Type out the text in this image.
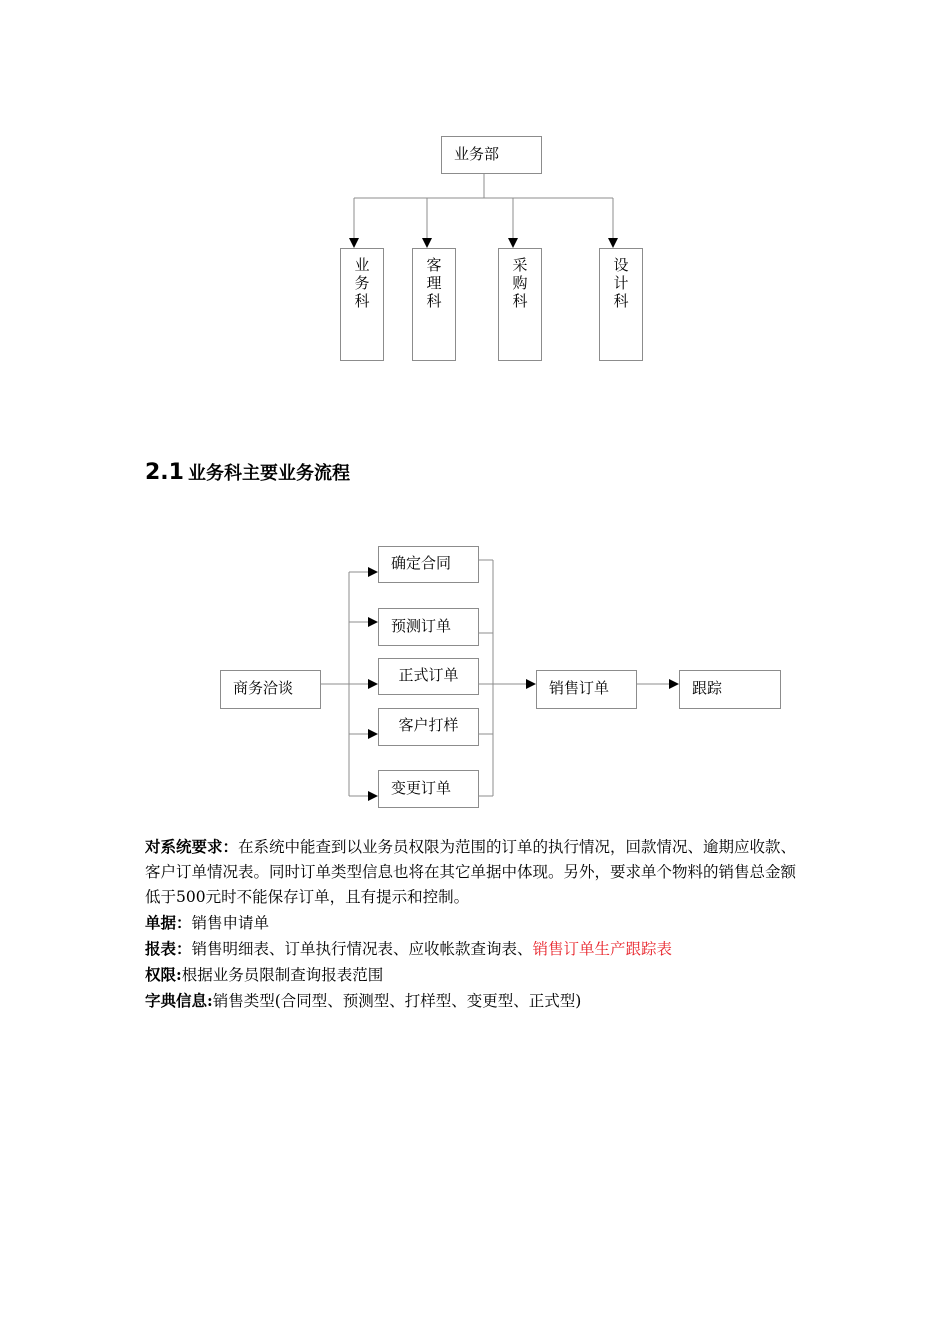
业务部
业
务
科
客
理
科
采
购
科
设
计
科
2.1 业务科主要业务流程
商务洽谈
确定合同
预测订单
正式订单
客户打样
变更订单
销售订单	跟踪

对系统要求：在系统中能查到以业务员权限为范围的订单的执行情况，回款情况、逾期应收款、客户订单情况表。同时订单类型信息也将在其它单据中体现。另外，要求单个物料的销售总金额低于500元时不能保存订单，且有提示和控制。

单据：销售申请单

报表：销售明细表、订单执行情况表、应收帐款查询表、销售订单生产跟踪表

权限:根据业务员限制查询报表范围

字典信息:销售类型(合同型、预测型、打样型、变更型、正式型)
